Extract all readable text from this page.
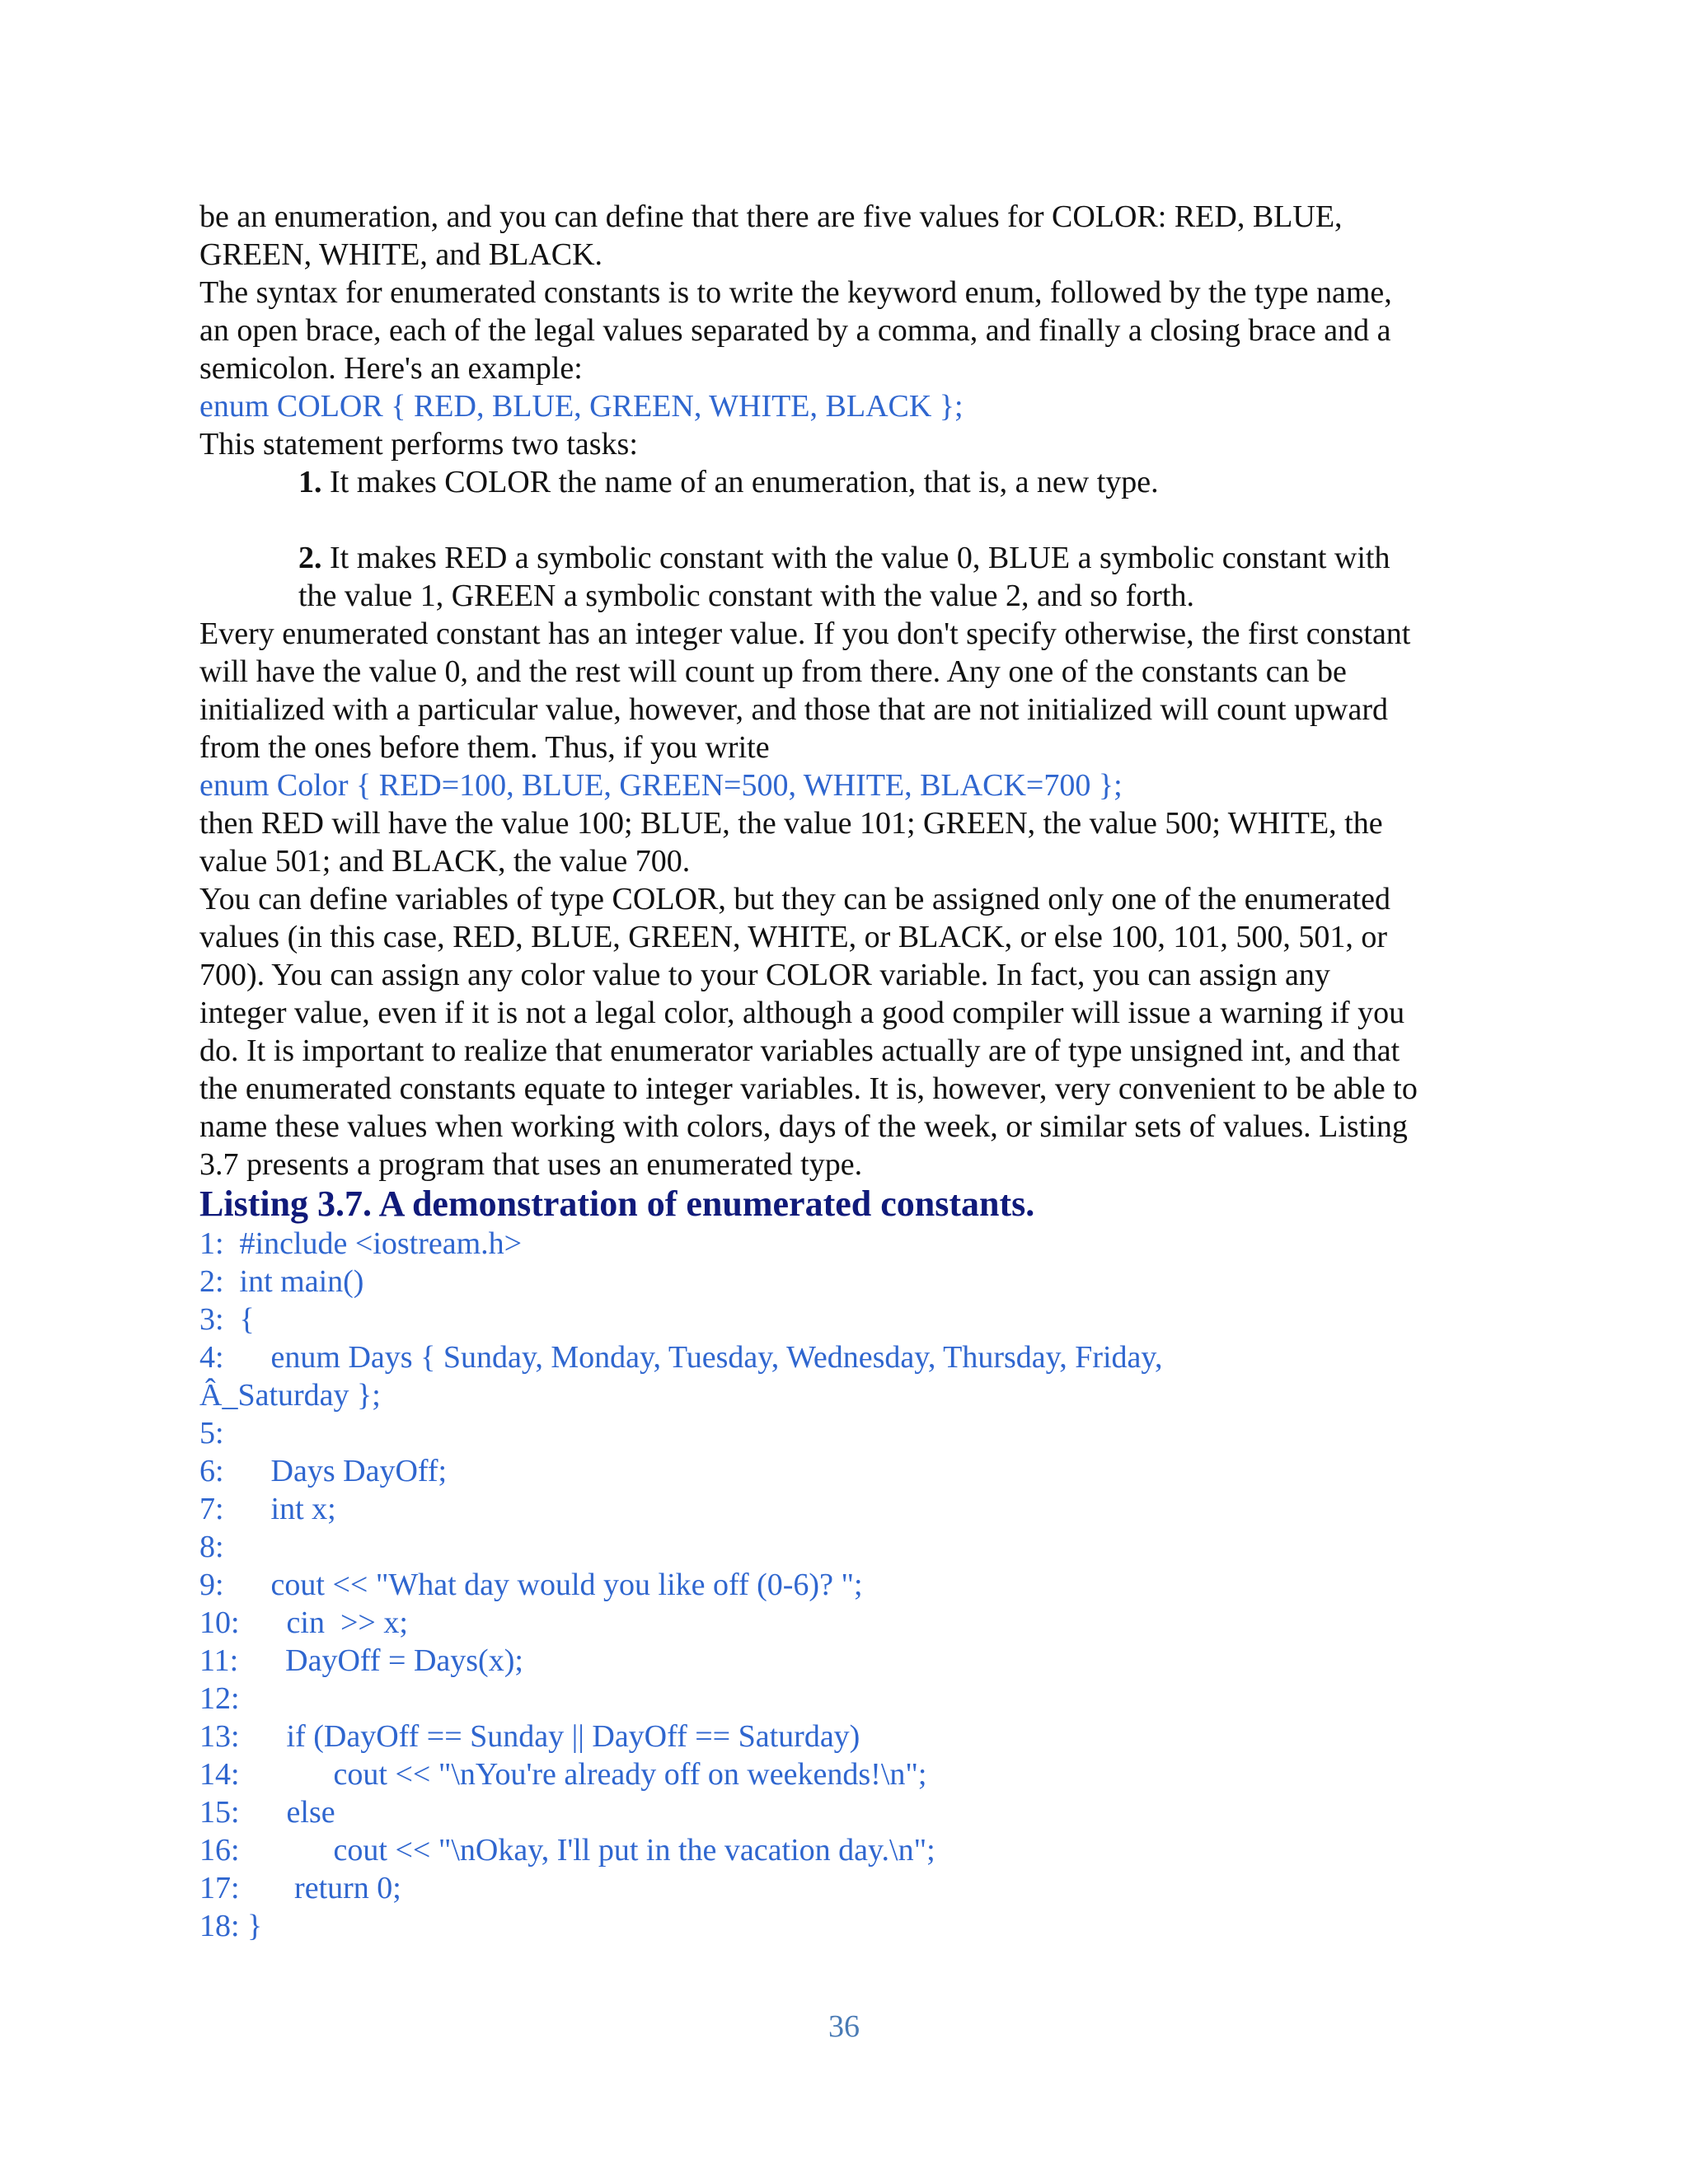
be an enumeration, and you can define that there are five values for COLOR: RED, BLUE,
GREEN, WHITE, and BLACK.
The syntax for enumerated constants is to write the keyword enum, followed by the type name,
an open brace, each of the legal values separated by a comma, and finally a closing brace and a
semicolon. Here's an example:
enum COLOR { RED, BLUE, GREEN, WHITE, BLACK };
This statement performs two tasks:
1. It makes COLOR the name of an enumeration, that is, a new type.
2. It makes RED a symbolic constant with the value 0, BLUE a symbolic constant with
the value 1, GREEN a symbolic constant with the value 2, and so forth.
Every enumerated constant has an integer value. If you don't specify otherwise, the first constant
will have the value 0, and the rest will count up from there. Any one of the constants can be
initialized with a particular value, however, and those that are not initialized will count upward
from the ones before them. Thus, if you write
enum Color { RED=100, BLUE, GREEN=500, WHITE, BLACK=700 };
then RED will have the value 100; BLUE, the value 101; GREEN, the value 500; WHITE, the
value 501; and BLACK, the value 700.
You can define variables of type COLOR, but they can be assigned only one of the enumerated
values (in this case, RED, BLUE, GREEN, WHITE, or BLACK, or else 100, 101, 500, 501, or
700). You can assign any color value to your COLOR variable. In fact, you can assign any
integer value, even if it is not a legal color, although a good compiler will issue a warning if you
do. It is important to realize that enumerator variables actually are of type unsigned int, and that
the enumerated constants equate to integer variables. It is, however, very convenient to be able to
name these values when working with colors, days of the week, or similar sets of values. Listing
3.7 presents a program that uses an enumerated type.
Listing 3.7. A demonstration of enumerated constants.
1:  #include <iostream.h>
2:  int main()
3:  {
4:      enum Days { Sunday, Monday, Tuesday, Wednesday, Thursday, Friday,
Â_Saturday };
5:
6:      Days DayOff;
7:      int x;
8:
9:      cout << "What day would you like off (0-6)? ";
10:      cin  >> x;
11:      DayOff = Days(x);
12:
13:      if (DayOff == Sunday || DayOff == Saturday)
14:            cout << "\nYou're already off on weekends!\n";
15:      else
16:            cout << "\nOkay, I'll put in the vacation day.\n";
17:       return 0;
18: }
36
